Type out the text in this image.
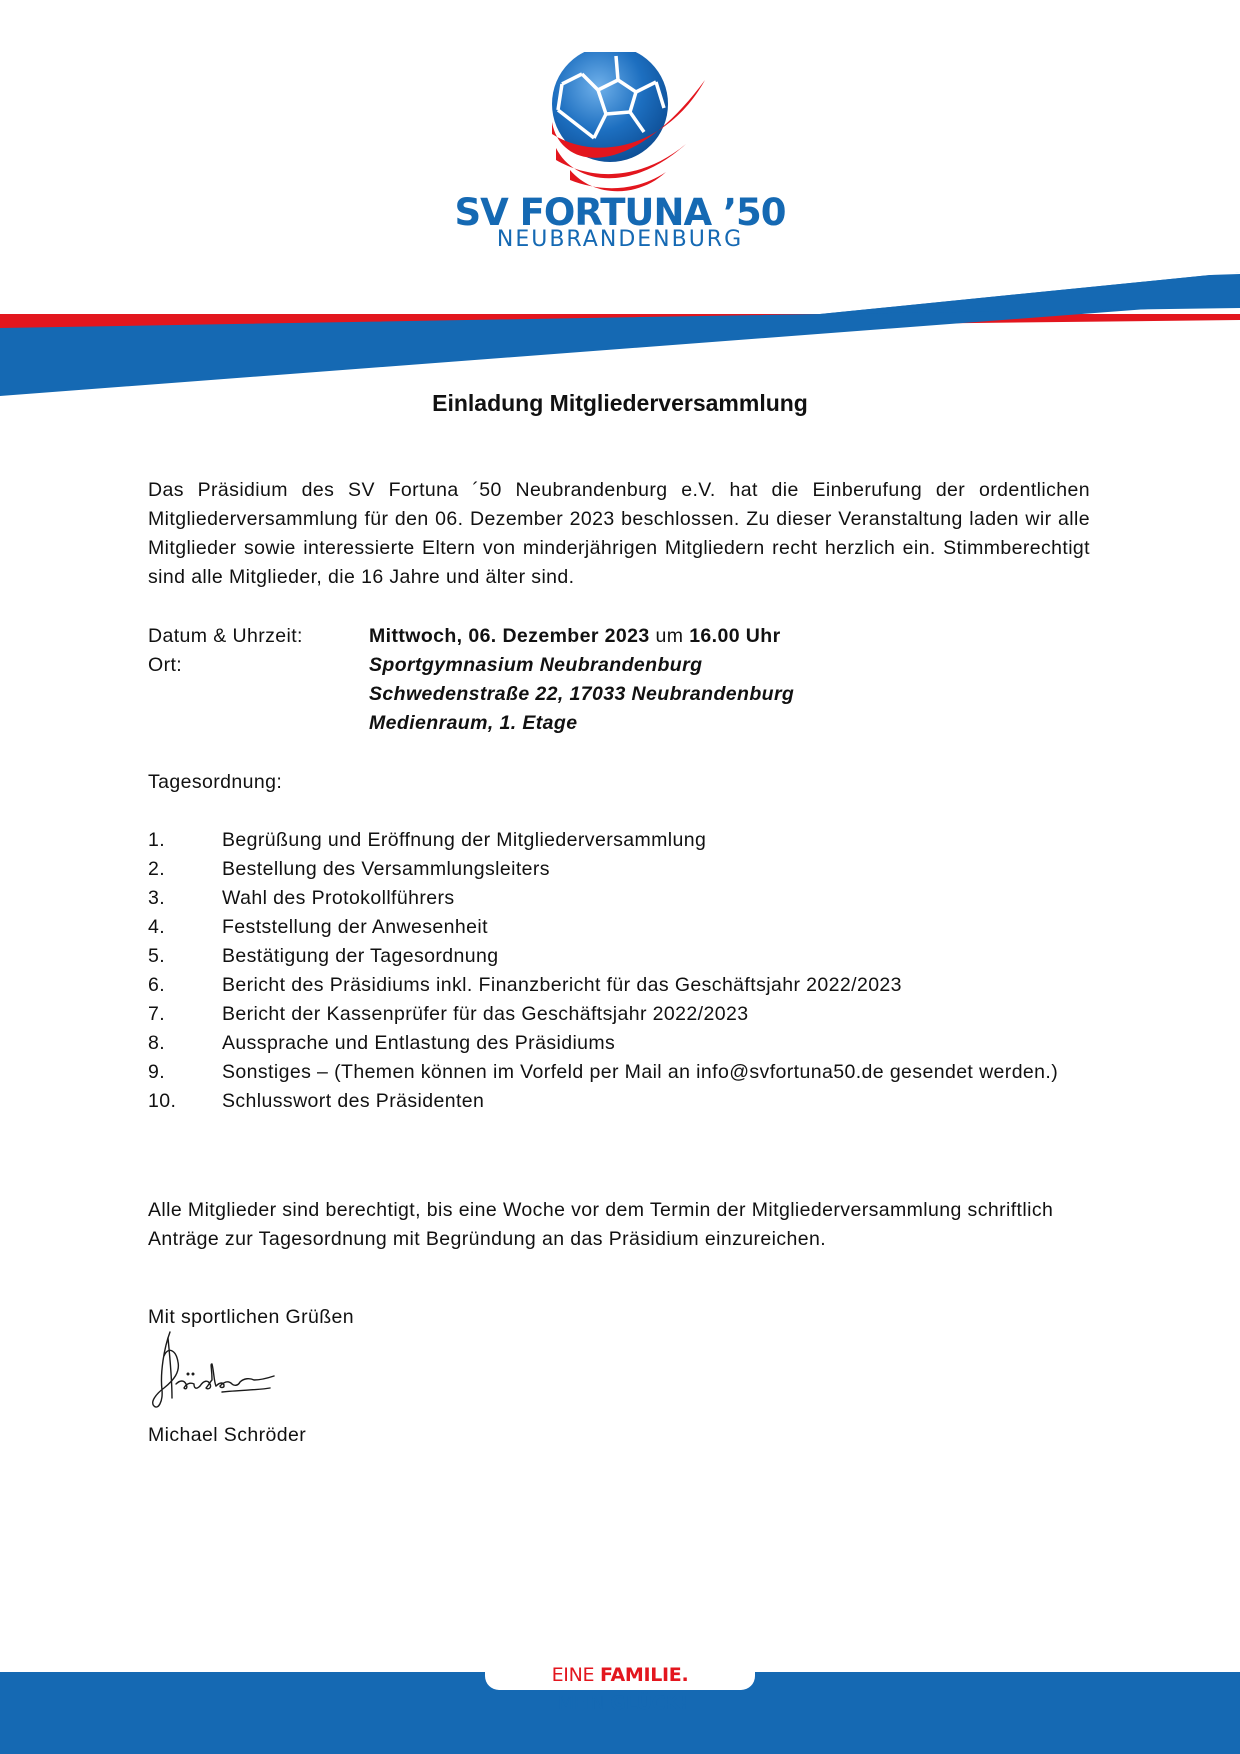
SV FORTUNA ’50
NEUBRANDENBURG
Einladung Mitgliederversammlung
Das Präsidium des SV Fortuna ´50 Neubrandenburg e.V. hat die Einberufung der ordentlichen Mitgliederversammlung für den 06. Dezember 2023 beschlossen. Zu dieser Veranstaltung laden wir alle Mitglieder sowie interessierte Eltern von minderjährigen Mitgliedern recht herzlich ein. Stimmberechtigt sind alle Mitglieder, die 16 Jahre und älter sind.
Datum & Uhrzeit:	Mittwoch, 06. Dezember 2023 um 16.00 Uhr
Ort:	Sportgymnasium Neubrandenburg
Schwedenstraße 22, 17033 Neubrandenburg
Medienraum, 1. Etage
Tagesordnung:
1.	Begrüßung und Eröffnung der Mitgliederversammlung
2.	Bestellung des Versammlungsleiters
3.	Wahl des Protokollführers
4.	Feststellung der Anwesenheit
5.	Bestätigung der Tagesordnung
6.	Bericht des Präsidiums inkl. Finanzbericht für das Geschäftsjahr 2022/2023
7.	Bericht der Kassenprüfer für das Geschäftsjahr 2022/2023
8.	Aussprache und Entlastung des Präsidiums
9.	Sonstiges – (Themen können im Vorfeld per Mail an info@svfortuna50.de gesendet werden.)
10.	Schlusswort des Präsidenten
Alle Mitglieder sind berechtigt, bis eine Woche vor dem Termin der Mitgliederversammlung schriftlich Anträge zur Tagesordnung mit Begründung an das Präsidium einzureichen.
Mit sportlichen Grüßen
Michael Schröder
EINE FAMILIE. MEIN GLÜCK!
